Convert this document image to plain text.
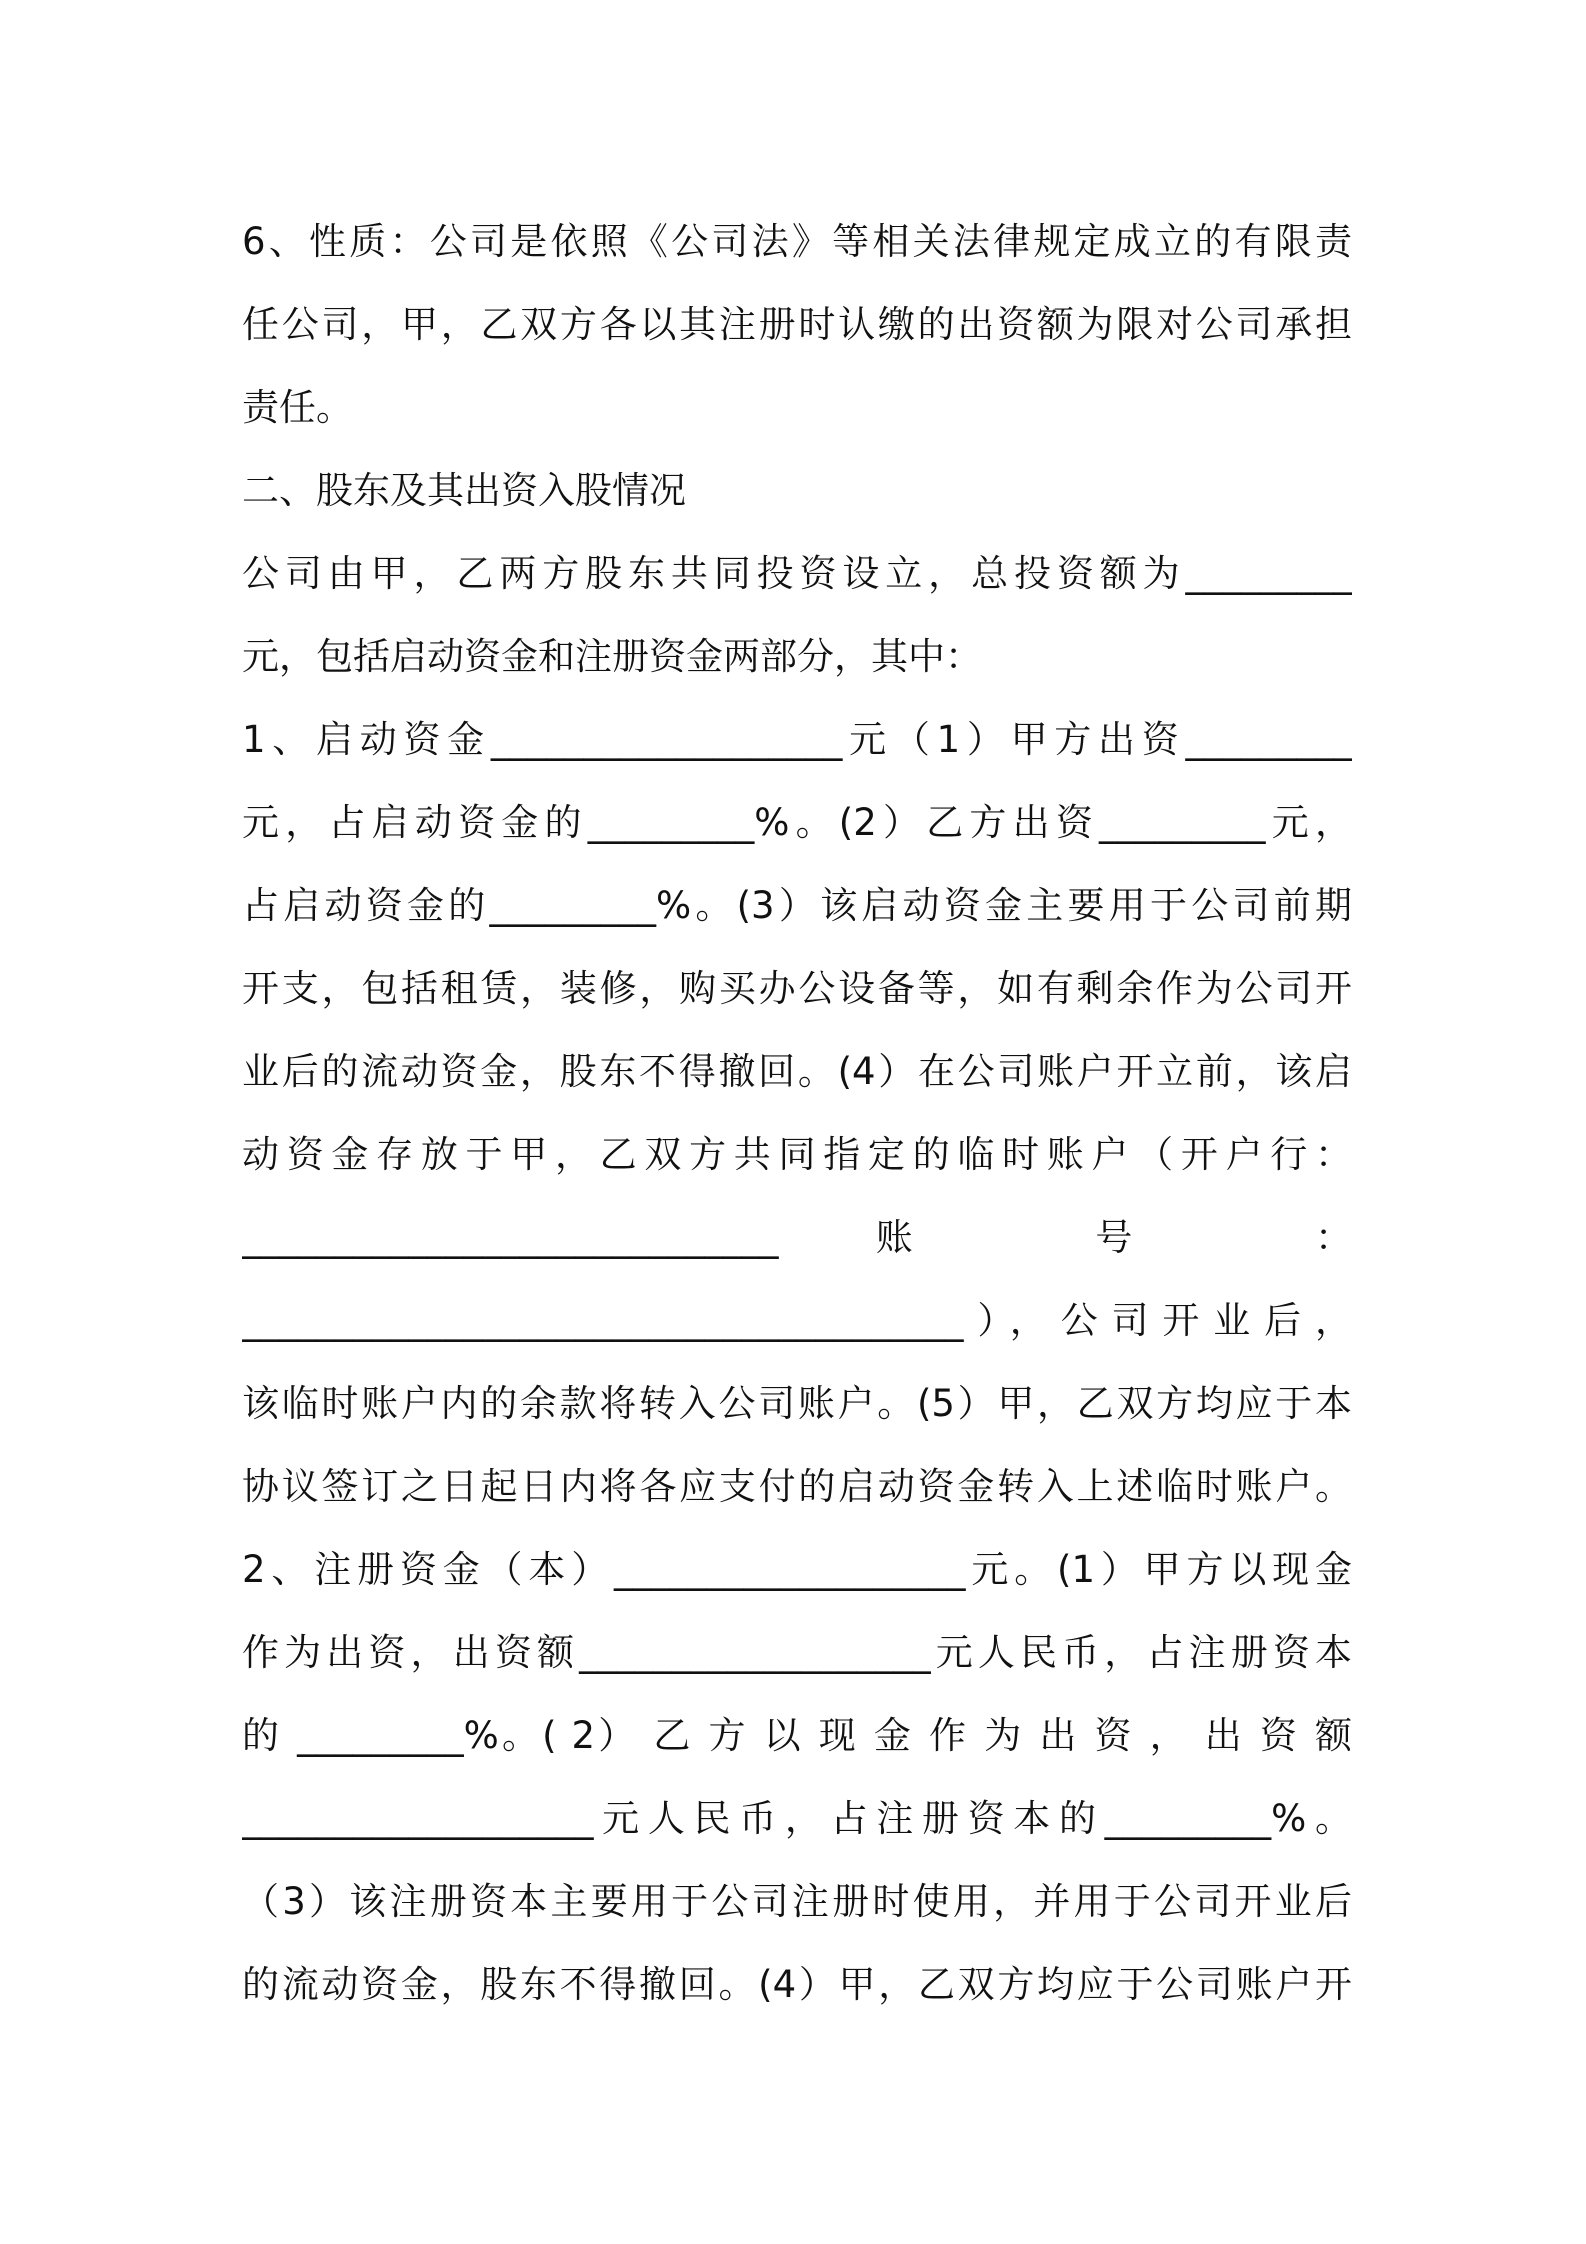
6、性质：公司是依照《公司法》等相关法律规定成立的有限责
任公司，甲，乙双方各以其注册时认缴的出资额为限对公司承担
责任。
二、股东及其出资入股情况
公司由甲，乙两方股东共同投资设立，总投资额为_________
元，包括启动资金和注册资金两部分，其中：
1、启动资金___________________元（1）甲方出资_________
元，占启动资金的_________%。(2）乙方出资_________元，
占启动资金的_________%。(3）该启动资金主要用于公司前期
开支，包括租赁，装修，购买办公设备等，如有剩余作为公司开
业后的流动资金，股东不得撤回。(4）在公司账户开立前，该启
动资金存放于甲，乙双方共同指定的临时账户（开户行：
_____________________________ 账 号 ：
_______________________________________），公司开业后，
该临时账户内的余款将转入公司账户。(5）甲，乙双方均应于本
协议签订之日起日内将各应支付的启动资金转入上述临时账户。
2、注册资金（本）___________________元。(1）甲方以现金
作为出资，出资额___________________元人民币，占注册资本
的 _________%。( 2） 乙 方 以 现 金 作 为 出 资 ， 出 资 额
___________________元人民币，占注册资本的_________%。
（3）该注册资本主要用于公司注册时使用，并用于公司开业后
的流动资金，股东不得撤回。(4）甲，乙双方均应于公司账户开
